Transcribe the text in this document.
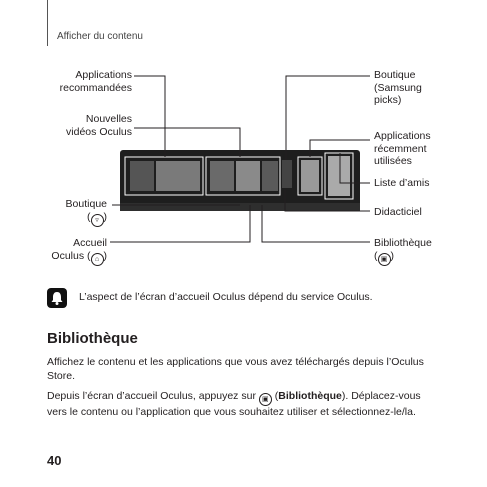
Afficher du contenu
Applications
recommandées
Nouvelles
vidéos Oculus
Boutique
( ▿ )
Accueil
Oculus ( ⌂ )
Boutique
(Samsung
picks)
Applications
récemment
utilisées
Liste d’amis
Didacticiel
Bibliothèque
( ▣ )
L’aspect de l’écran d’accueil Oculus dépend du service Oculus.
Bibliothèque
Affichez le contenu et les applications que vous avez téléchargés depuis l’Oculus Store.
Depuis l’écran d’accueil Oculus, appuyez sur ▣ (Bibliothèque). Déplacez-vous vers le contenu ou l’application que vous souhaitez utiliser et sélectionnez-le/la.
40
